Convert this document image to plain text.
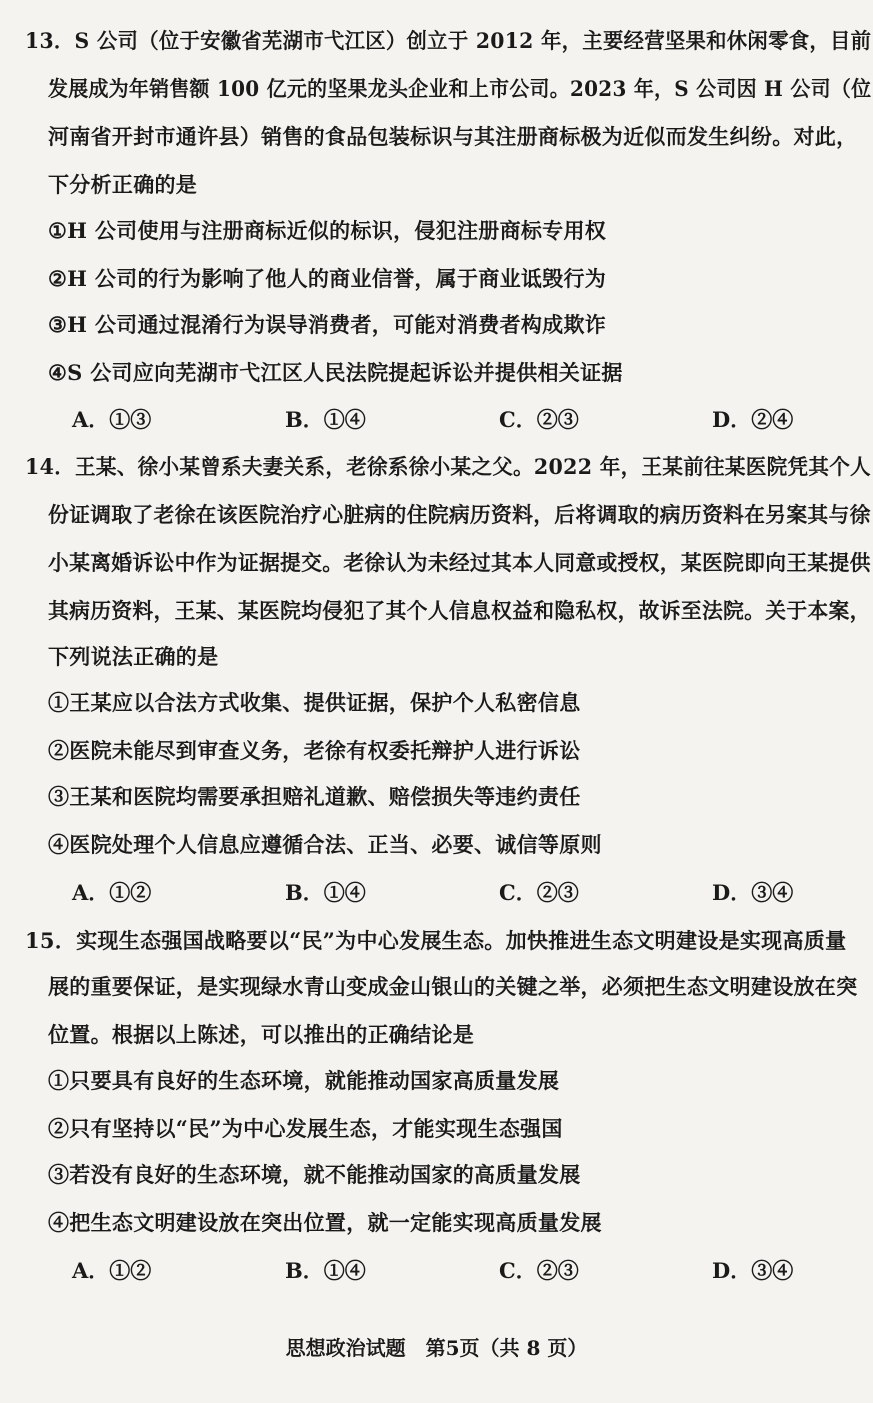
13．S 公司（位于安徽省芜湖市弋江区）创立于 2012 年，主要经营坚果和休闲零食，目前
发展成为年销售额 100 亿元的坚果龙头企业和上市公司。2023 年，S 公司因 H 公司（位
河南省开封市通许县）销售的食品包装标识与其注册商标极为近似而发生纠纷。对此，
下分析正确的是
①H 公司使用与注册商标近似的标识，侵犯注册商标专用权
②H 公司的行为影响了他人的商业信誉，属于商业诋毁行为
③H 公司通过混淆行为误导消费者，可能对消费者构成欺诈
④S 公司应向芜湖市弋江区人民法院提起诉讼并提供相关证据
A．①③	B．①④	C．②③	D．②④
14．王某、徐小某曾系夫妻关系，老徐系徐小某之父。2022 年，王某前往某医院凭其个人
份证调取了老徐在该医院治疗心脏病的住院病历资料，后将调取的病历资料在另案其与徐
小某离婚诉讼中作为证据提交。老徐认为未经过其本人同意或授权，某医院即向王某提供
其病历资料，王某、某医院均侵犯了其个人信息权益和隐私权，故诉至法院。关于本案，
下列说法正确的是
①王某应以合法方式收集、提供证据，保护个人私密信息
②医院未能尽到审查义务，老徐有权委托辩护人进行诉讼
③王某和医院均需要承担赔礼道歉、赔偿损失等违约责任
④医院处理个人信息应遵循合法、正当、必要、诚信等原则
A．①②	B．①④	C．②③	D．③④
15．实现生态强国战略要以“民”为中心发展生态。加快推进生态文明建设是实现高质量
展的重要保证，是实现绿水青山变成金山银山的关键之举，必须把生态文明建设放在突
位置。根据以上陈述，可以推出的正确结论是
①只要具有良好的生态环境，就能推动国家高质量发展
②只有坚持以“民”为中心发展生态，才能实现生态强国
③若没有良好的生态环境，就不能推动国家的高质量发展
④把生态文明建设放在突出位置，就一定能实现高质量发展
A．①②	B．①④	C．②③	D．③④
思想政治试题　第5页（共 8 页）
